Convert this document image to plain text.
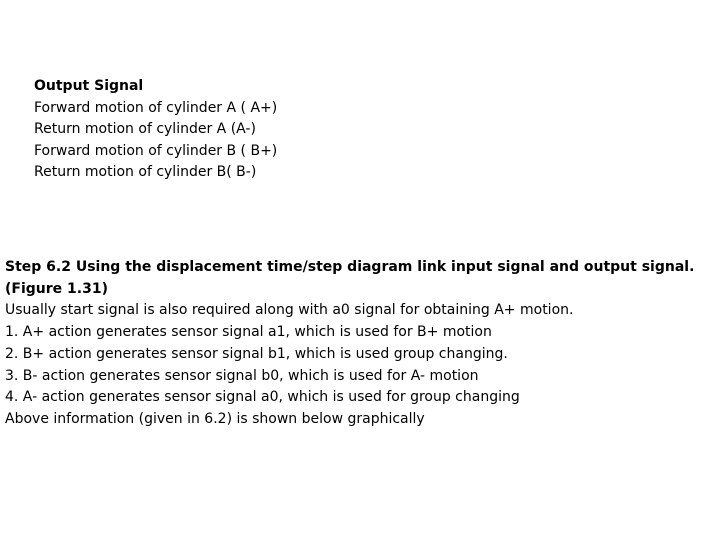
Output Signal
Forward motion of cylinder A ( A+)
Return motion of cylinder A (A-)
Forward motion of cylinder B ( B+)
Return motion of cylinder B( B-)
Step 6.2 Using the displacement time/step diagram link input signal and output signal.
(Figure 1.31)
Usually start signal is also required along with a0 signal for obtaining A+ motion.
1. A+ action generates sensor signal a1, which is used for B+ motion
2. B+ action generates sensor signal b1, which is used group changing.
3. B- action generates sensor signal b0, which is used for A- motion
4. A- action generates sensor signal a0, which is used for group changing
Above information (given in 6.2) is shown below graphically
